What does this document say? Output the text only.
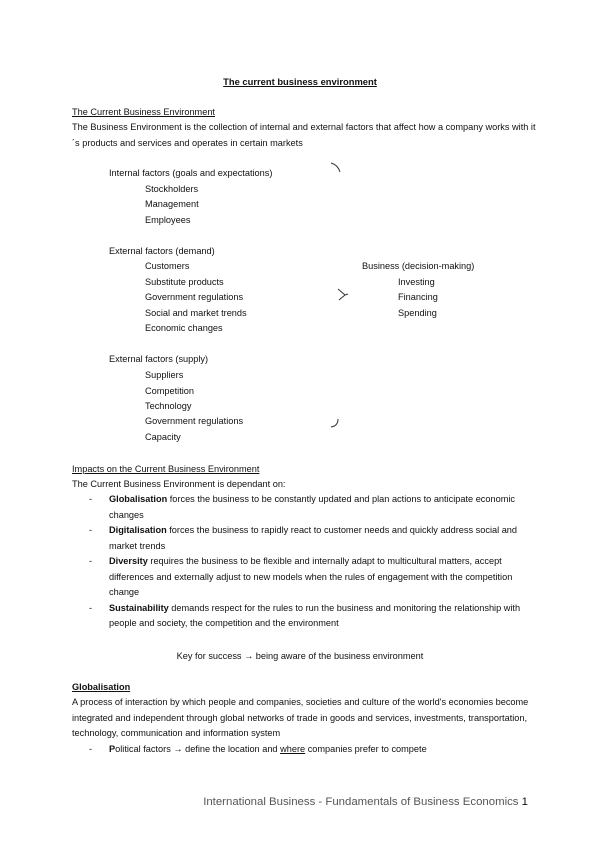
The current business environment
The Current Business Environment
The Business Environment is the collection of internal and external factors that affect how a company works with it´s products and services and operates in certain markets
Internal factors (goals and expectations)
Stockholders
Management
Employees
External factors (demand)
Customers
Substitute products
Government regulations
Social and market trends
Economic changes
Business (decision-making)
Investing
Financing
Spending
External factors (supply)
Suppliers
Competition
Technology
Government regulations
Capacity
Impacts on the Current Business Environment
The Current Business Environment is dependant on:
- Globalisation forces the business to be constantly updated and plan actions to anticipate economic changes
- Digitalisation forces the business to rapidly react to customer needs and quickly address social and market trends
- Diversity requires the business to be flexible and internally adapt to multicultural matters, accept differences and externally adjust to new models when the rules of engagement with the competition change
- Sustainability demands respect for the rules to run the business and monitoring the relationship with people and society, the competition and the environment
Key for success → being aware of the business environment
Globalisation
A process of interaction by which people and companies, societies and culture of the world's economies become integrated and independent through global networks of trade in goods and services, investments, transportation, technology, communication and information system
- Political factors → define the location and where companies prefer to compete
International Business - Fundamentals of Business Economics 1
